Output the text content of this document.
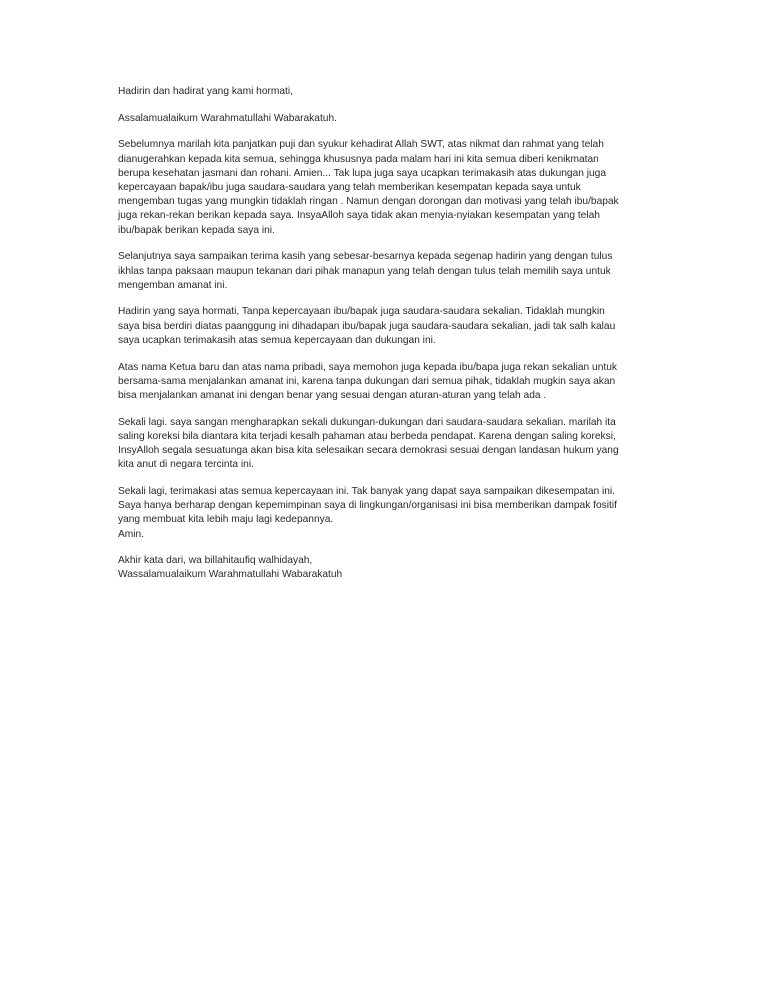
Hadirin dan hadirat yang kami hormati,

Assalamualaikum Warahmatullahi Wabarakatuh.

Sebelumnya marilah kita panjatkan puji dan syukur kehadirat Allah SWT, atas nikmat dan rahmat yang telah
dianugerahkan kepada kita semua, sehingga khususnya pada malam hari ini kita semua diberi kenikmatan
berupa kesehatan jasmani dan rohani. Amien... Tak lupa juga saya ucapkan terimakasih atas dukungan juga
kepercayaan bapak/ibu juga saudara-saudara yang telah memberikan kesempatan kepada saya untuk
mengemban tugas yang mungkin tidaklah ringan . Namun dengan dorongan dan motivasi yang telah ibu/bapak
juga rekan-rekan berikan kepada saya. InsyaAlloh saya tidak akan menyia-nyiakan kesempatan yang telah
ibu/bapak berikan kepada saya ini.

Selanjutnya saya sampaikan terima kasih yang sebesar-besarnya kepada segenap hadirin yang dengan tulus
ikhlas tanpa paksaan maupun tekanan dari pihak manapun yang telah dengan tulus telah memilih saya untuk
mengemban amanat ini.

Hadirin yang saya hormati, Tanpa kepercayaan ibu/bapak juga saudara-saudara sekalian. Tidaklah mungkin
saya bisa berdiri diatas paanggung ini dihadapan ibu/bapak juga saudara-saudara sekalian, jadi tak salh kalau
saya ucapkan terimakasih atas semua kepercayaan dan dukungan ini.

Atas nama Ketua baru dan atas nama pribadi, saya memohon juga kepada ibu/bapa juga rekan sekalian untuk
bersama-sama menjalankan amanat ini, karena tanpa dukungan dari semua pihak, tidaklah mugkin saya akan
bisa menjalankan amanat ini dengan benar yang sesuai dengan aturan-aturan yang telah ada .

Sekali lagi. saya sangan mengharapkan sekali dukungan-dukungan dari saudara-saudara sekalian. marilah ita
saling koreksi bila diantara kita terjadi kesalh pahaman atau berbeda pendapat. Karena dengan saling koreksi,
InsyAlloh segala sesuatunga akan bisa kita selesaikan secara demokrasi sesuai dengan landasan hukum yang
kita anut di negara tercinta ini.

Sekali lagi, terimakasi atas semua kepercayaan ini. Tak banyak yang dapat saya sampaikan dikesempatan ini.
Saya hanya berharap dengan kepemimpinan saya di lingkungan/organisasi ini bisa memberikan dampak fositif
yang membuat kita lebih maju lagi kedepannya.
Amin.

Akhir kata dari, wa billahitaufiq walhidayah,
Wassalamualaikum Warahmatullahi Wabarakatuh
